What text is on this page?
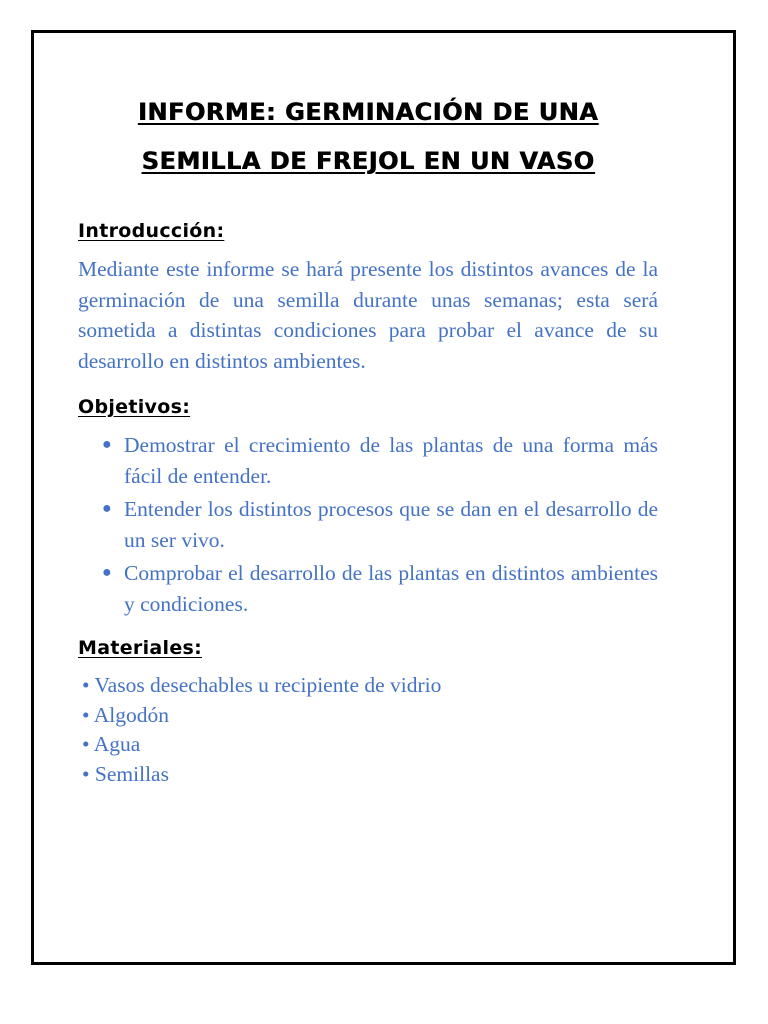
INFORME: GERMINACIÓN DE UNA
SEMILLA DE FREJOL EN UN VASO
Introducción:

Mediante este informe se hará presente los distintos avances de la germinación de una semilla durante unas semanas; esta será sometida a distintas condiciones para probar el avance de su desarrollo en distintos ambientes.

Objetivos:
● Demostrar el crecimiento de las plantas de una forma más fácil de entender.
● Entender los distintos procesos que se dan en el desarrollo de un ser vivo.
● Comprobar el desarrollo de las plantas en distintos ambientes y condiciones.
Materiales:
• Vasos desechables u recipiente de vidrio
• Algodón
• Agua
• Semillas
